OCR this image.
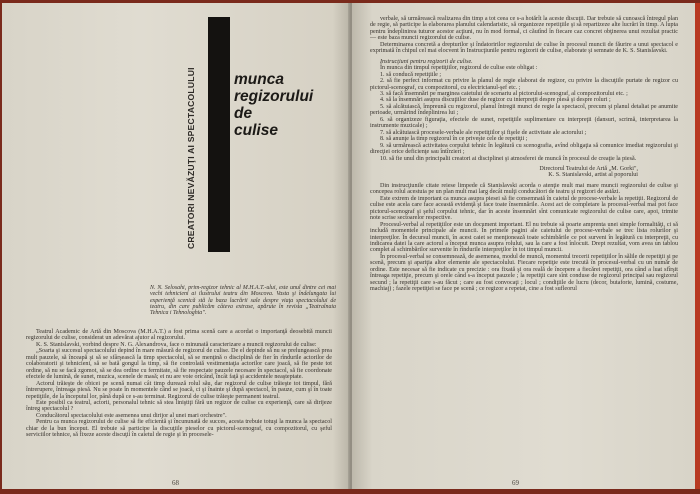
CREATORI NEVĂZUŢI AI SPECTACOLULUI munca
regizorului
de
culise

N. N. Selosahi, prim-regizor tehnic al M.H.A.T.-ului, este unul dintre cei mai vechi tehnicieni ai ilustrului teatru din Moscova. Vasta şi îndelungata lui experienţă scenică stă la baza lucrării sale despre viaţa spectacolului de teatru, din care publicăm câteva extrase, apărute în revista „Teatralnaia Tehnica i Tehnologhia".

Teatrul Academic de Artă din Moscova (M.H.A.T.) a fost prima scenă care a acordat o importanţă deosebită muncii regizorului de culise, considerat un adevărat ajutor al regizorului.

K. S. Stanislavski, vorbind despre N. G. Alexandrova, face o minunată caracterizare a muncii regizorului de culise:

„Soarta şi succesul spectacolului depind în mare măsură de regizorul de culise. De el depinde să nu se prelungească prea mult pauzele, să înceapă şi să se sfârşească la timp spectacolul, să se menţină o disciplină de fier în rîndurile actorilor de colaboratorii şi tehnicieni, să se bată gongul la timp, să fie controlată vestimentaţia actorilor care joacă, să fie peste tot ordine, să nu se facă zgomot, să se dea ordine cu fermitate, să fie respectate pauzele necesare în spectacol, să fie coordonate efectele de lumină, de sunet, muzica, scenele de masă; ei nu are voie oricând, încât faţă şi accidentele neaşteptate.

Actorul trăieşte de obicei pe scenă numai cât timp durează rolul său, dar regizorul de culise trăieşte tot timpul, fără întrerupere, întreaga piesă. Nu se poate în momentele când se joacă, ci şi înainte şi după spectacol, în pauze, cum şi în toate repetiţiile, de la începutul lor, până după ce s-au terminat. Regizorul de culise trăieşte permanent teatrul.

Este posibil ca teatrul, actorii, personalul tehnic să stea liniştiţi fără un regizor de culise cu experienţă, care să dirijeze întreg spectacolul ?

Conducătorul spectacolului este asemenea unui dirijor al unei mari orchestre".

Pentru ca munca regizorului de culise să fie eficientă şi încununată de succes, acesta trebuie totuşi la munca la spectacol chiar de la bun început. El trebuie să participe la discuţiile pieselor cu pictorul-scenograf, cu compozitorul, cu şeful serviciilor tehnice, să fixeze aceste discuţii în caietul de regie şi în procesele-

68

verbale, să urmărească realizarea din timp a tot ceea ce s-a hotărît la aceste discuţii. Dar trebuie să cunoască întregul plan de regie, să participe la elaborarea planului calendaristic, să organizeze repetiţiile şi să repartizeze alte lucrări în timp. A lupta pentru îndeplinirea tuturor acestor acţiuni, nu în mod formal, ci căutînd în fiecare caz concret obţinerea unui rezultat practic — este baza muncii regizorului de culise.

Determinarea concretă a drepturilor şi îndatoririlor regizorului de culise în procesul muncii de făurire a unui spectacol e exprimată în chipul cel mai elocvent în Instrucţiunile pentru regizorii de culise, elaborate şi semnate de K. S. Stanislavski.

Instrucţiuni pentru regizorii de culise.

În munca din timpul repetiţiilor, regizorul de culise este obligat :

1. să conducă repetiţiile ;

2. să fie perfect informat cu privire la planul de regie elaborat de regizor, cu privire la discuţiile purtate de regizor cu pictorul-scenograf, cu compozitorul, cu electricianul-şef etc. ;

3. să facă însemnări pe marginea caietului de scenariu al pictorului-scenograf, al compozitorului etc. ;

4. să la însemnări asupra discuţiilor duse de regizor cu interpreţii despre piesă şi despre roluri ;

5. să alcătuiască, împreună cu regizorul, planul întregii munci de regie la spectacol, precum şi planul detaliat pe anumite perioade, urmărind îndeplinirea lui ;

6. să organizeze figuraţia, efectele de sunet, repetiţiile suplimentare cu interpreţii (dansuri, scrimă, interpretarea la instrumente muzicale) ;

7. să alcătuiască procesele-verbale ale repetiţiilor şi fişele de activitate ale actorului ;

8. să anunţe la timp regizorul în ce priveşte cele de repetiţii ;

9. să urmărească activitatea corpului tehnic în legătură cu scenografia, avînd obligaţia să comunice imediat regizorului şi direcţiei orice deficienţe sau întîrzieri ;

10. să fie unul din principalii creatori ai disciplinei şi atmosferei de muncă în procesul de creaţie la piesă.

Directorul Teatrului de Artă „M. Gorki",

K. S. Stanislavski, artist al poporului

Din instrucţiunile citate reiese limpede că Stanislavski acorda o atenţie mult mai mare muncii regizorului de culise şi concepea rolul acestuia pe un plan mult mai larg decât mulţi conducători de teatru şi regizori de astăzi.

Este extrem de important ca munca asupra piesei să fie consemnată în caietul de procese-verbale la repetiţii. Regizorul de culise este acela care face această evidenţă şi face toate însemnările. Acest act de completare la procesul-verbal mai pot face pictorul-scenograf şi şeful corpului tehnic, dar în aceste însemnări sînt comunicate regizorului de culise care, apoi, trimite note scrise sectoarelor respective.

Procesul-verbal al repetiţiilor este un document important. El nu trebuie să poarte amprenta unei simple formalităţi, ci să includă momentele principale ale muncii. În primele pagini ale caietului de procese-verbale se trec lista rolurilor şi interpreţilor. În decursul muncii, în acest caiet se menţionează toate schimbările ce pot surveni în legătură cu interpreţii, cu indicarea datei la care actorul a început munca asupra rolului, sau la care a fost înlocuit. Drept rezultat, vom avea un tablou complet al schimbărilor survenite în rîndurile interpreţilor în tot timpul muncii.

În procesul-verbal se consemnează, de asemenea, modul de muncă, momentul trecerii repetiţiilor în sălile de repetiţii şi pe scenă, precum şi apariţia altor elemente ale spectacolului. Fiecare repetiţie este trecută în procesul-verbal cu un număr de ordine. Este necesar să fie indicate cu precizie : ora fixată şi ora reală de începere a fiecărei repetiţii, ora când a luat sfîrşit întreaga repetiţie, precum şi orele când s-a început pauzele ; la repetiţii care sînt conduse de regizorul principal sau regizorul secund ; la repetiţii care s-au făcut ; care au fost convocaţi ; locul ; condiţiile de lucru (decor, butaforie, lumină, costume, machiaj) ; fazele repetiţiei se face pe scenă ; ce regizor a repetat, cine a fost sufleorul

69
